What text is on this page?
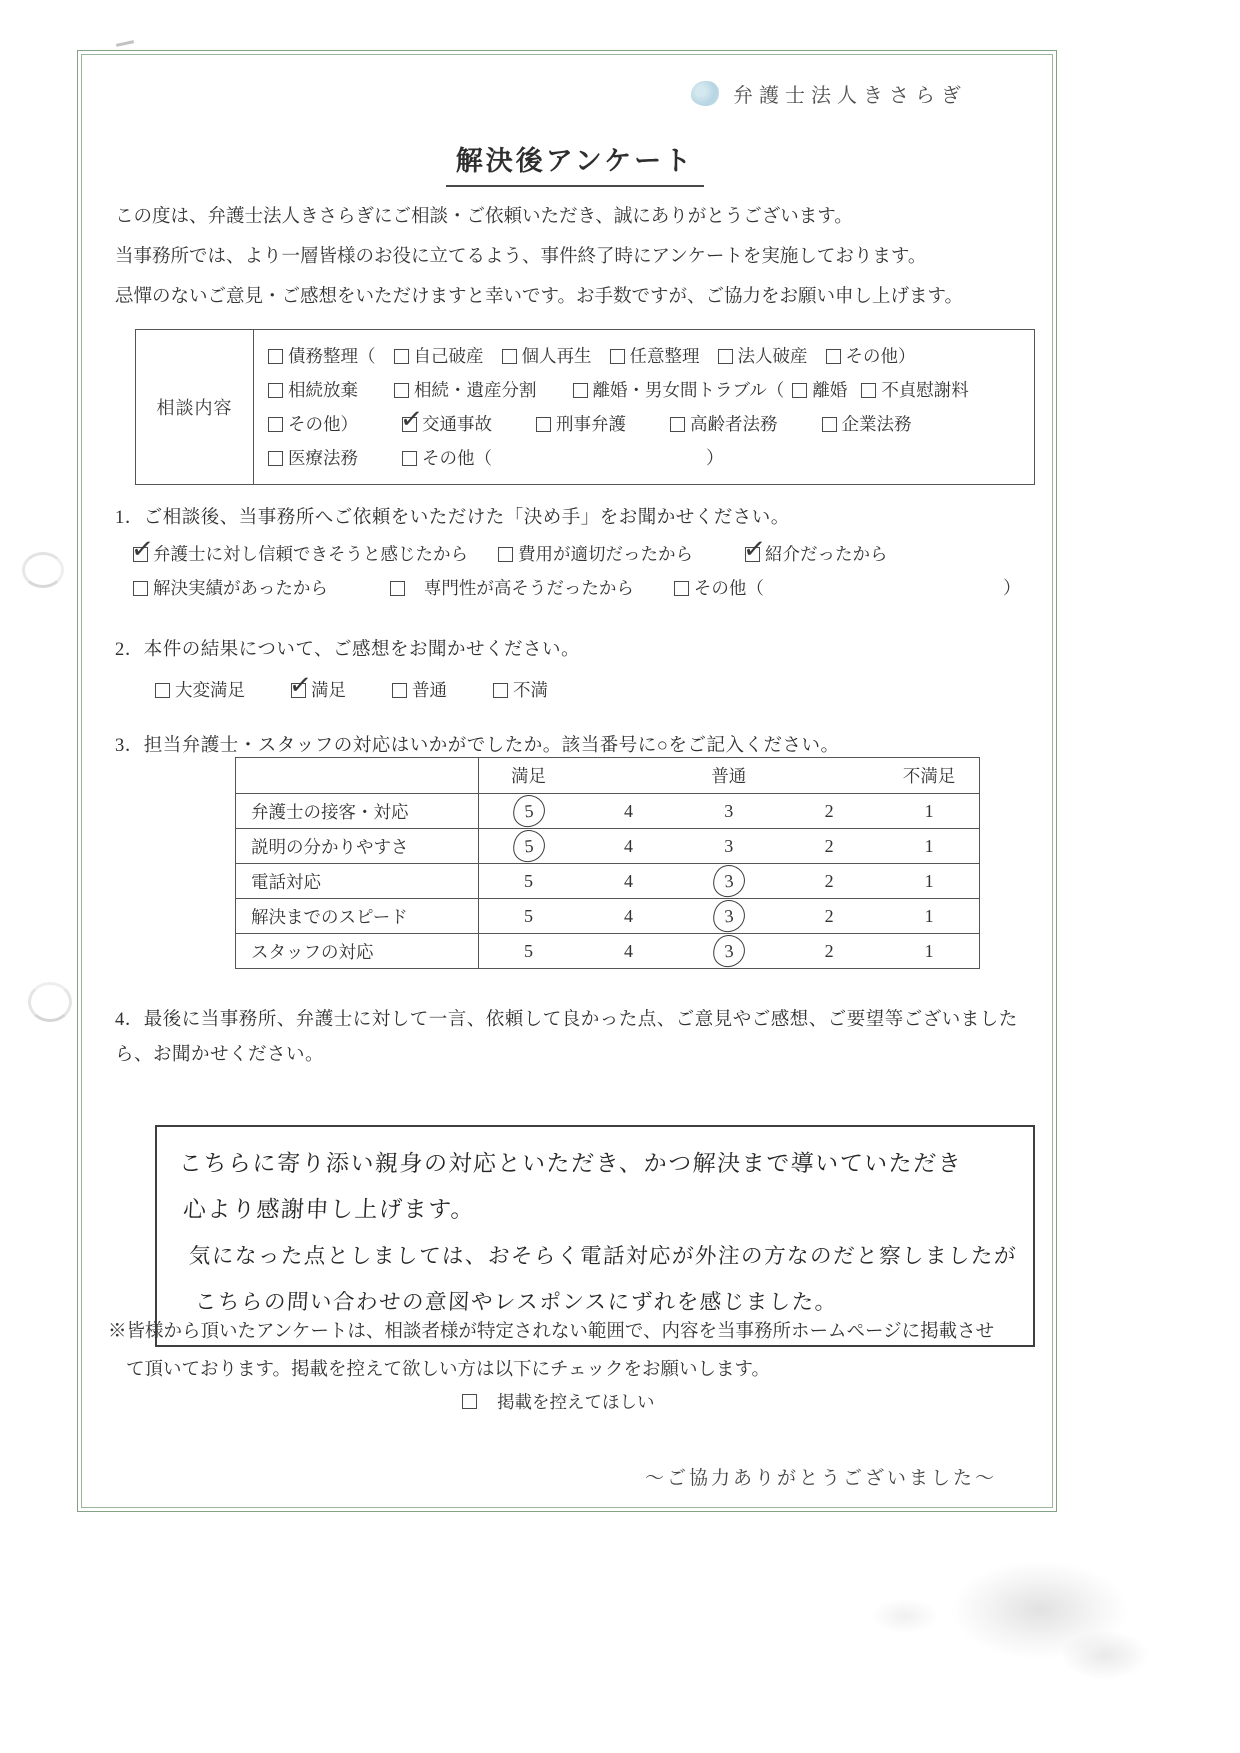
弁護士法人きさらぎ
解決後アンケート
この度は、弁護士法人きさらぎにご相談・ご依頼いただき、誠にありがとうございます。
当事務所では、より一層皆様のお役に立てるよう、事件終了時にアンケートを実施しております。
忌憚のないご意見・ご感想をいただけますと幸いです。お手数ですが、ご協力をお願い申し上げます。
相談内容
債務整理（ 自己破産 個人再生 任意整理 法人破産 その他）
相続放棄	相続・遺産分割	離婚・男女間トラブル（ 離婚 不貞慰謝料
その他） ✓	交通事故	刑事弁護	高齢者法務	企業法務
医療法務	その他（	）
1．ご相談後、当事務所へご依頼をいただけた「決め手」をお聞かせください。
✓
弁護士に対し信頼できそうと感じたから	費用が適切だったから ✓	紹介だったから
解決実績があったから	専門性が高そうだったから	その他（	）
2．本件の結果について、ご感想をお聞かせください。
大変満足 ✓	満足	普通	不満
3．担当弁護士・スタッフの対応はいかがでしたか。該当番号に○をご記入ください。
	満足		普通		不満足
弁護士の接客・対応	5	4	3	2	1
説明の分かりやすさ	5	4	3	2	1
電話対応	5	4	3	2	1
解決までのスピード	5	4	3	2	1
スタッフの対応	5	4	3	2	1
4．最後に当事務所、弁護士に対して一言、依頼して良かった点、ご意見やご感想、ご要望等ございましたら、お聞かせください。
こちらに寄り添い親身の対応といただき、かつ解決まで導いていただき
心より感謝申し上げます。
気になった点としましては、おそらく電話対応が外注の方なのだと察しましたが
こちらの問い合わせの意図やレスポンスにずれを感じました。
※皆様から頂いたアンケートは、相談者様が特定されない範囲で、内容を当事務所ホームページに掲載させ
て頂いております。掲載を控えて欲しい方は以下にチェックをお願いします。
掲載を控えてほしい
〜ご協力ありがとうございました〜
